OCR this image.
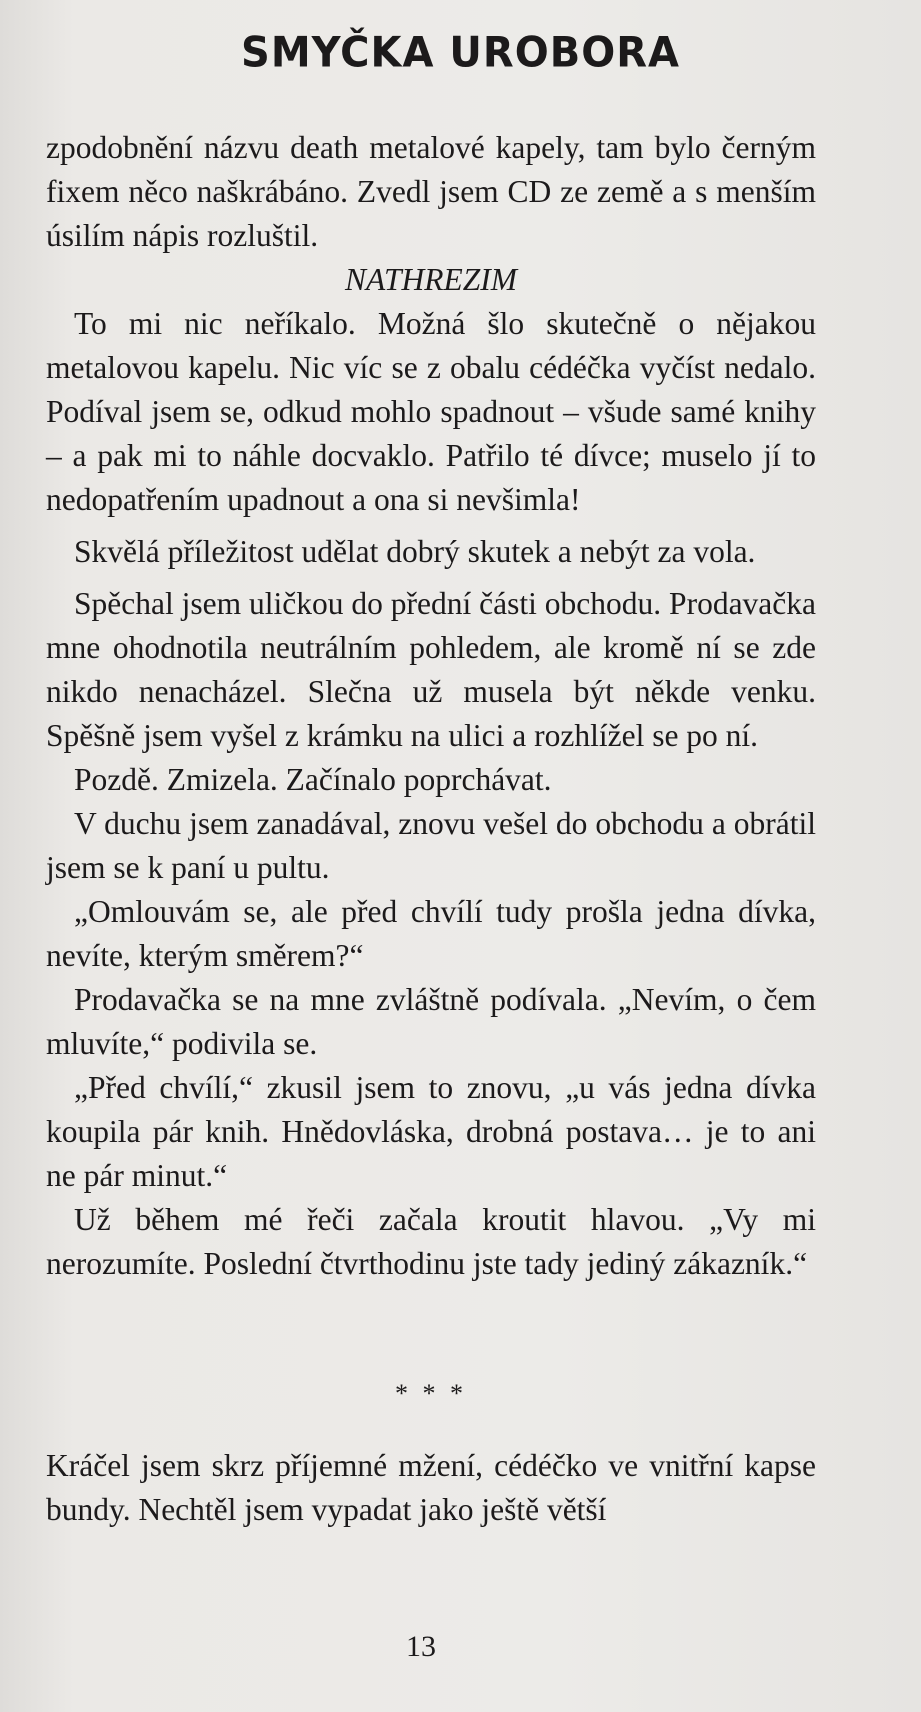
SMYČKA UROBORA

zpodobnění názvu death metalové kapely, tam bylo černým fixem něco naškrábáno. Zvedl jsem CD ze země a s menším úsilím nápis rozluštil.

NATHREZIM

To mi nic neříkalo. Možná šlo skutečně o nějakou metalovou kapelu. Nic víc se z obalu cédéčka vyčíst nedalo. Podíval jsem se, odkud mohlo spadnout – všude samé knihy – a pak mi to náhle docvaklo. Patřilo té dívce; muselo jí to nedopatřením upadnout a ona si nevšimla!

Skvělá příležitost udělat dobrý skutek a nebýt za vola.

Spěchal jsem uličkou do přední části obchodu. Prodavačka mne ohodnotila neutrálním pohledem, ale kromě ní se zde nikdo nenacházel. Slečna už musela být někde venku. Spěšně jsem vyšel z krámku na ulici a rozhlížel se po ní.

Pozdě. Zmizela. Začínalo poprchávat.

V duchu jsem zanadával, znovu vešel do obchodu a obrátil jsem se k paní u pultu.

„Omlouvám se, ale před chvílí tudy prošla jedna dívka, nevíte, kterým směrem?“

Prodavačka se na mne zvláštně podívala. „Nevím, o čem mluvíte,“ podivila se.

„Před chvílí,“ zkusil jsem to znovu, „u vás jedna dívka koupila pár knih. Hnědovláska, drobná postava… je to ani ne pár minut.“

Už během mé řeči začala kroutit hlavou. „Vy mi nerozumíte. Poslední čtvrthodinu jste tady jediný zákazník.“

* * *

Kráčel jsem skrz příjemné mžení, cédéčko ve vnitřní kapse bundy. Nechtěl jsem vypadat jako ještě větší

13
